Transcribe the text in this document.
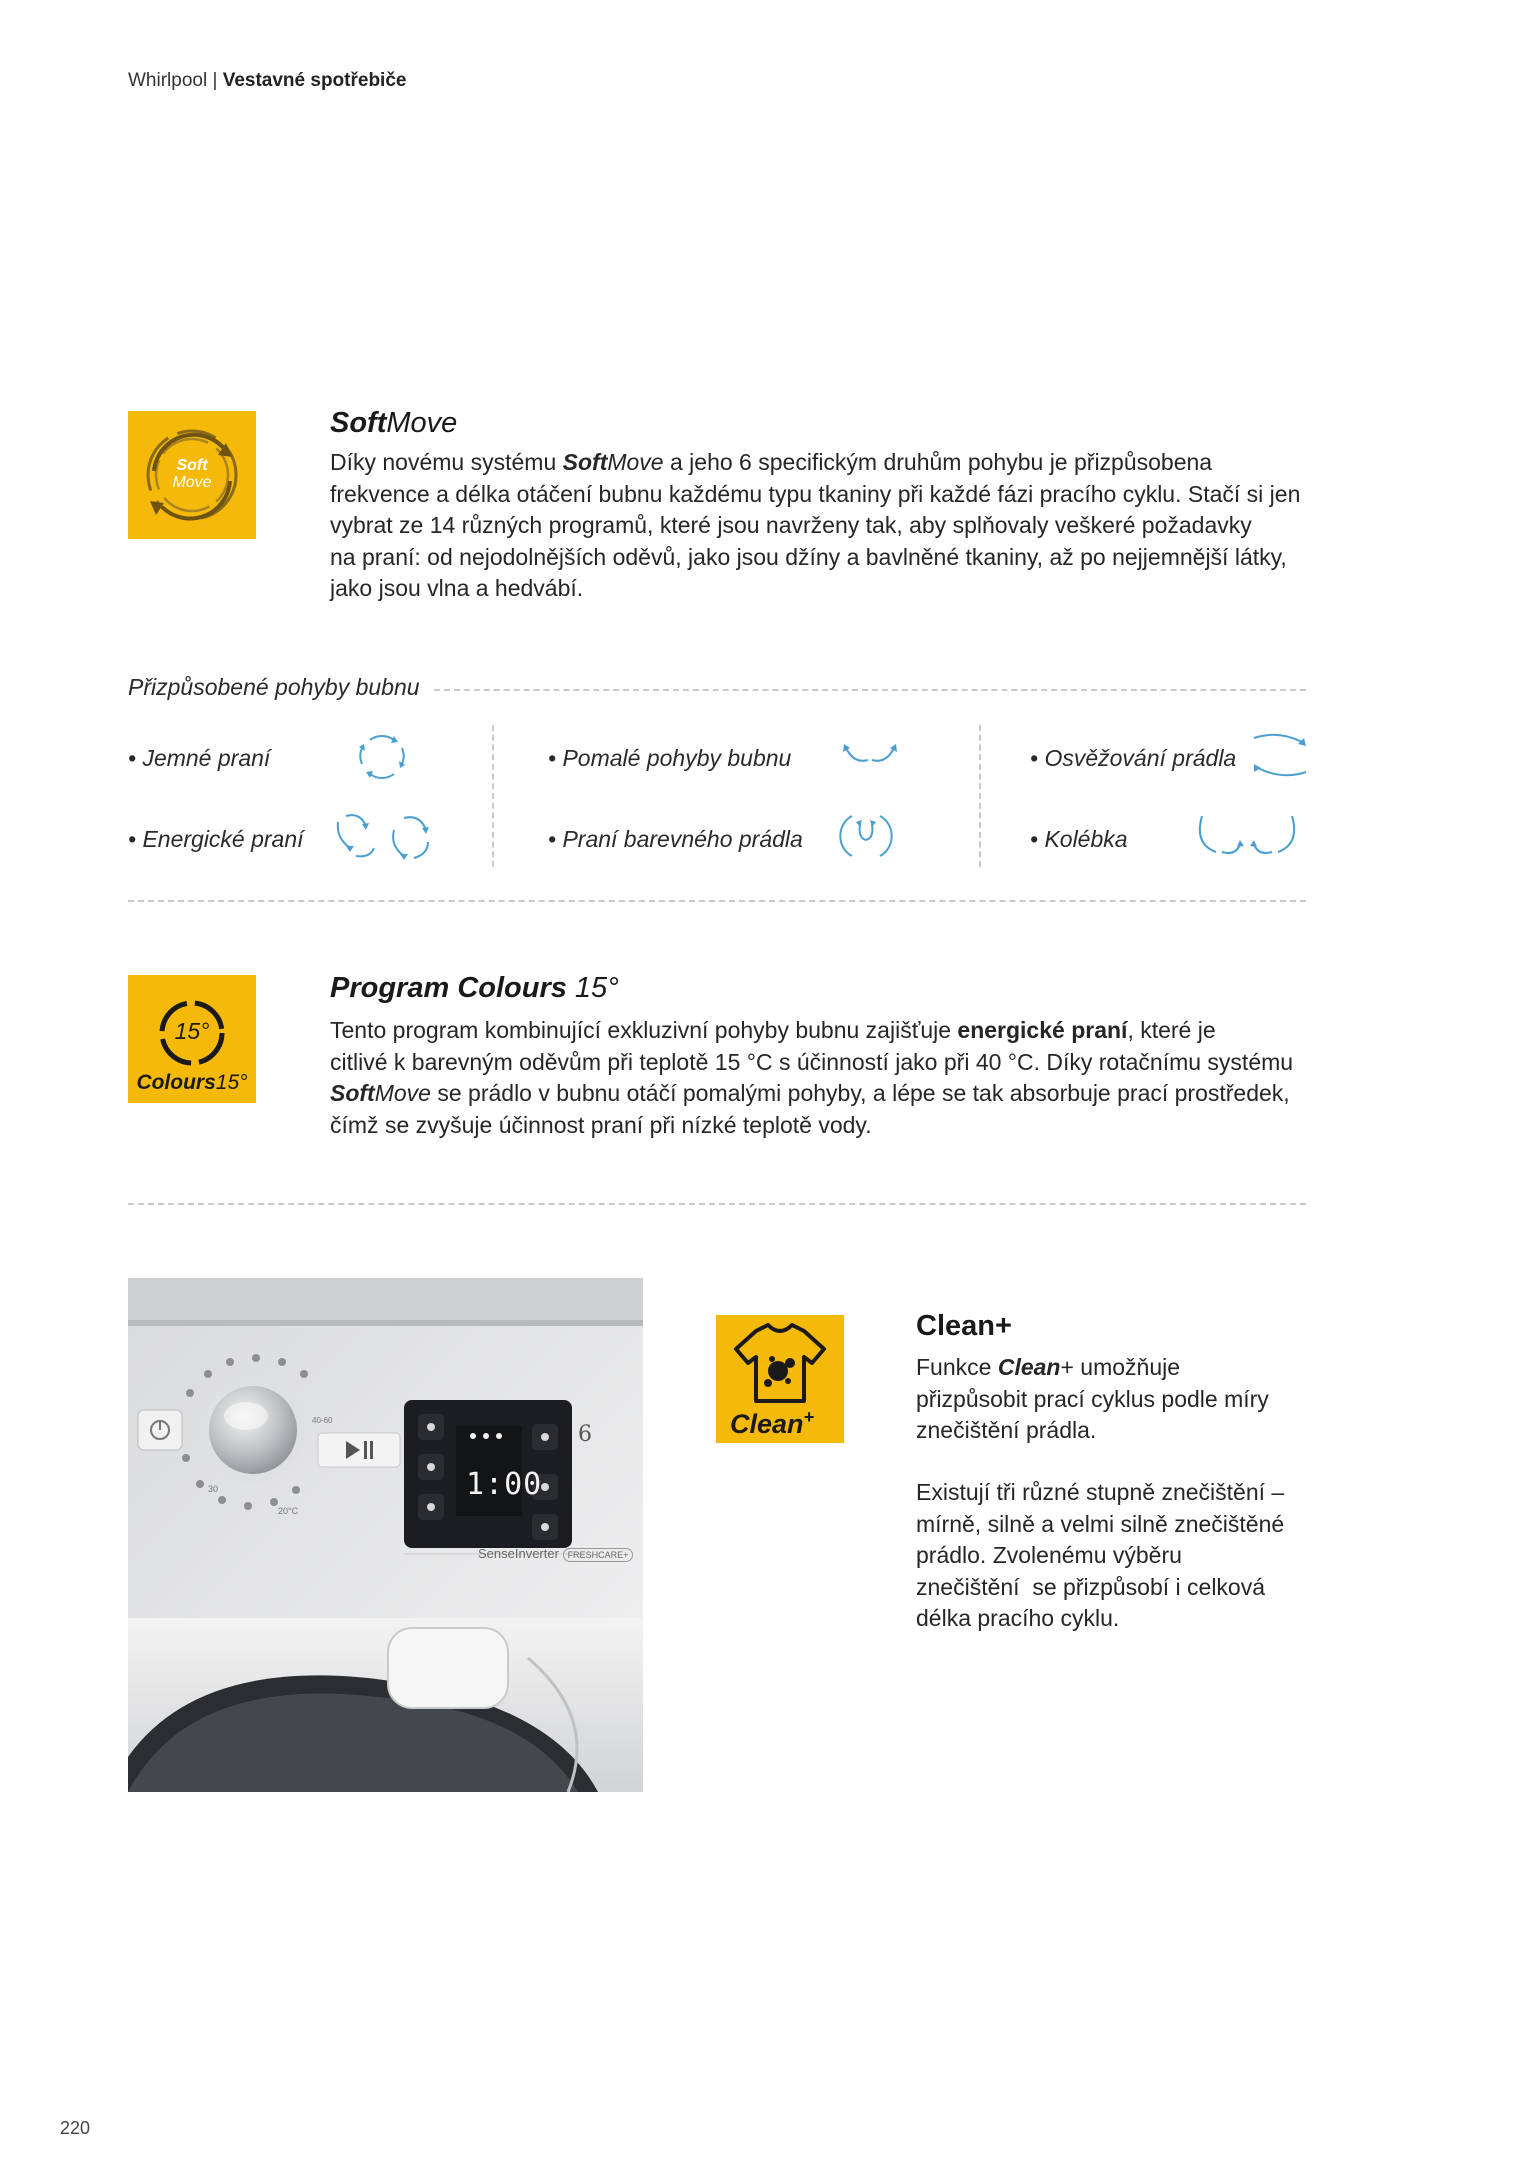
Whirlpool | Vestavné spotřebiče
Soft
Move
SoftMove
Díky novému systému SoftMove a jeho 6 specifickým druhům pohybu je přizpůsobena
frekvence a délka otáčení bubnu každému typu tkaniny při každé fázi pracího cyklu. Stačí si jen
vybrat ze 14 různých programů, které jsou navrženy tak, aby splňovaly veškeré požadavky
na praní: od nejodolnějších oděvů, jako jsou džíny a bavlněné tkaniny, až po nejjemnější látky,
jako jsou vlna a hedvábí.
Přizpůsobené pohyby bubnu
• Jemné praní	• Pomalé pohyby bubnu	• Osvěžování prádla
• Energické praní	• Praní barevného prádla	• Kolébka
15°
Colours15°
Program Colours 15°
Tento program kombinující exkluzivní pohyby bubnu zajišťuje energické praní, které je
citlivé k barevným oděvům při teplotě 15 °C s účinností jako při 40 °C. Díky rotačnímu systému
SoftMove se prádlo v bubnu otáčí pomalými pohyby, a lépe se tak absorbuje prací prostředek,
čímž se zvyšuje účinnost praní při nízké teplotě vody.
1:00
6
SenseInverter FRESHCARE+
20°C
30
40-60	Clean+
Clean+
Funkce Clean+ umožňuje
přizpůsobit prací cyklus podle míry
znečištění prádla.
Existují tři různé stupně znečištění –
mírně, silně a velmi silně znečištěné
prádlo. Zvolenému výběru
znečištění  se přizpůsobí i celková
délka pracího cyklu.
220
